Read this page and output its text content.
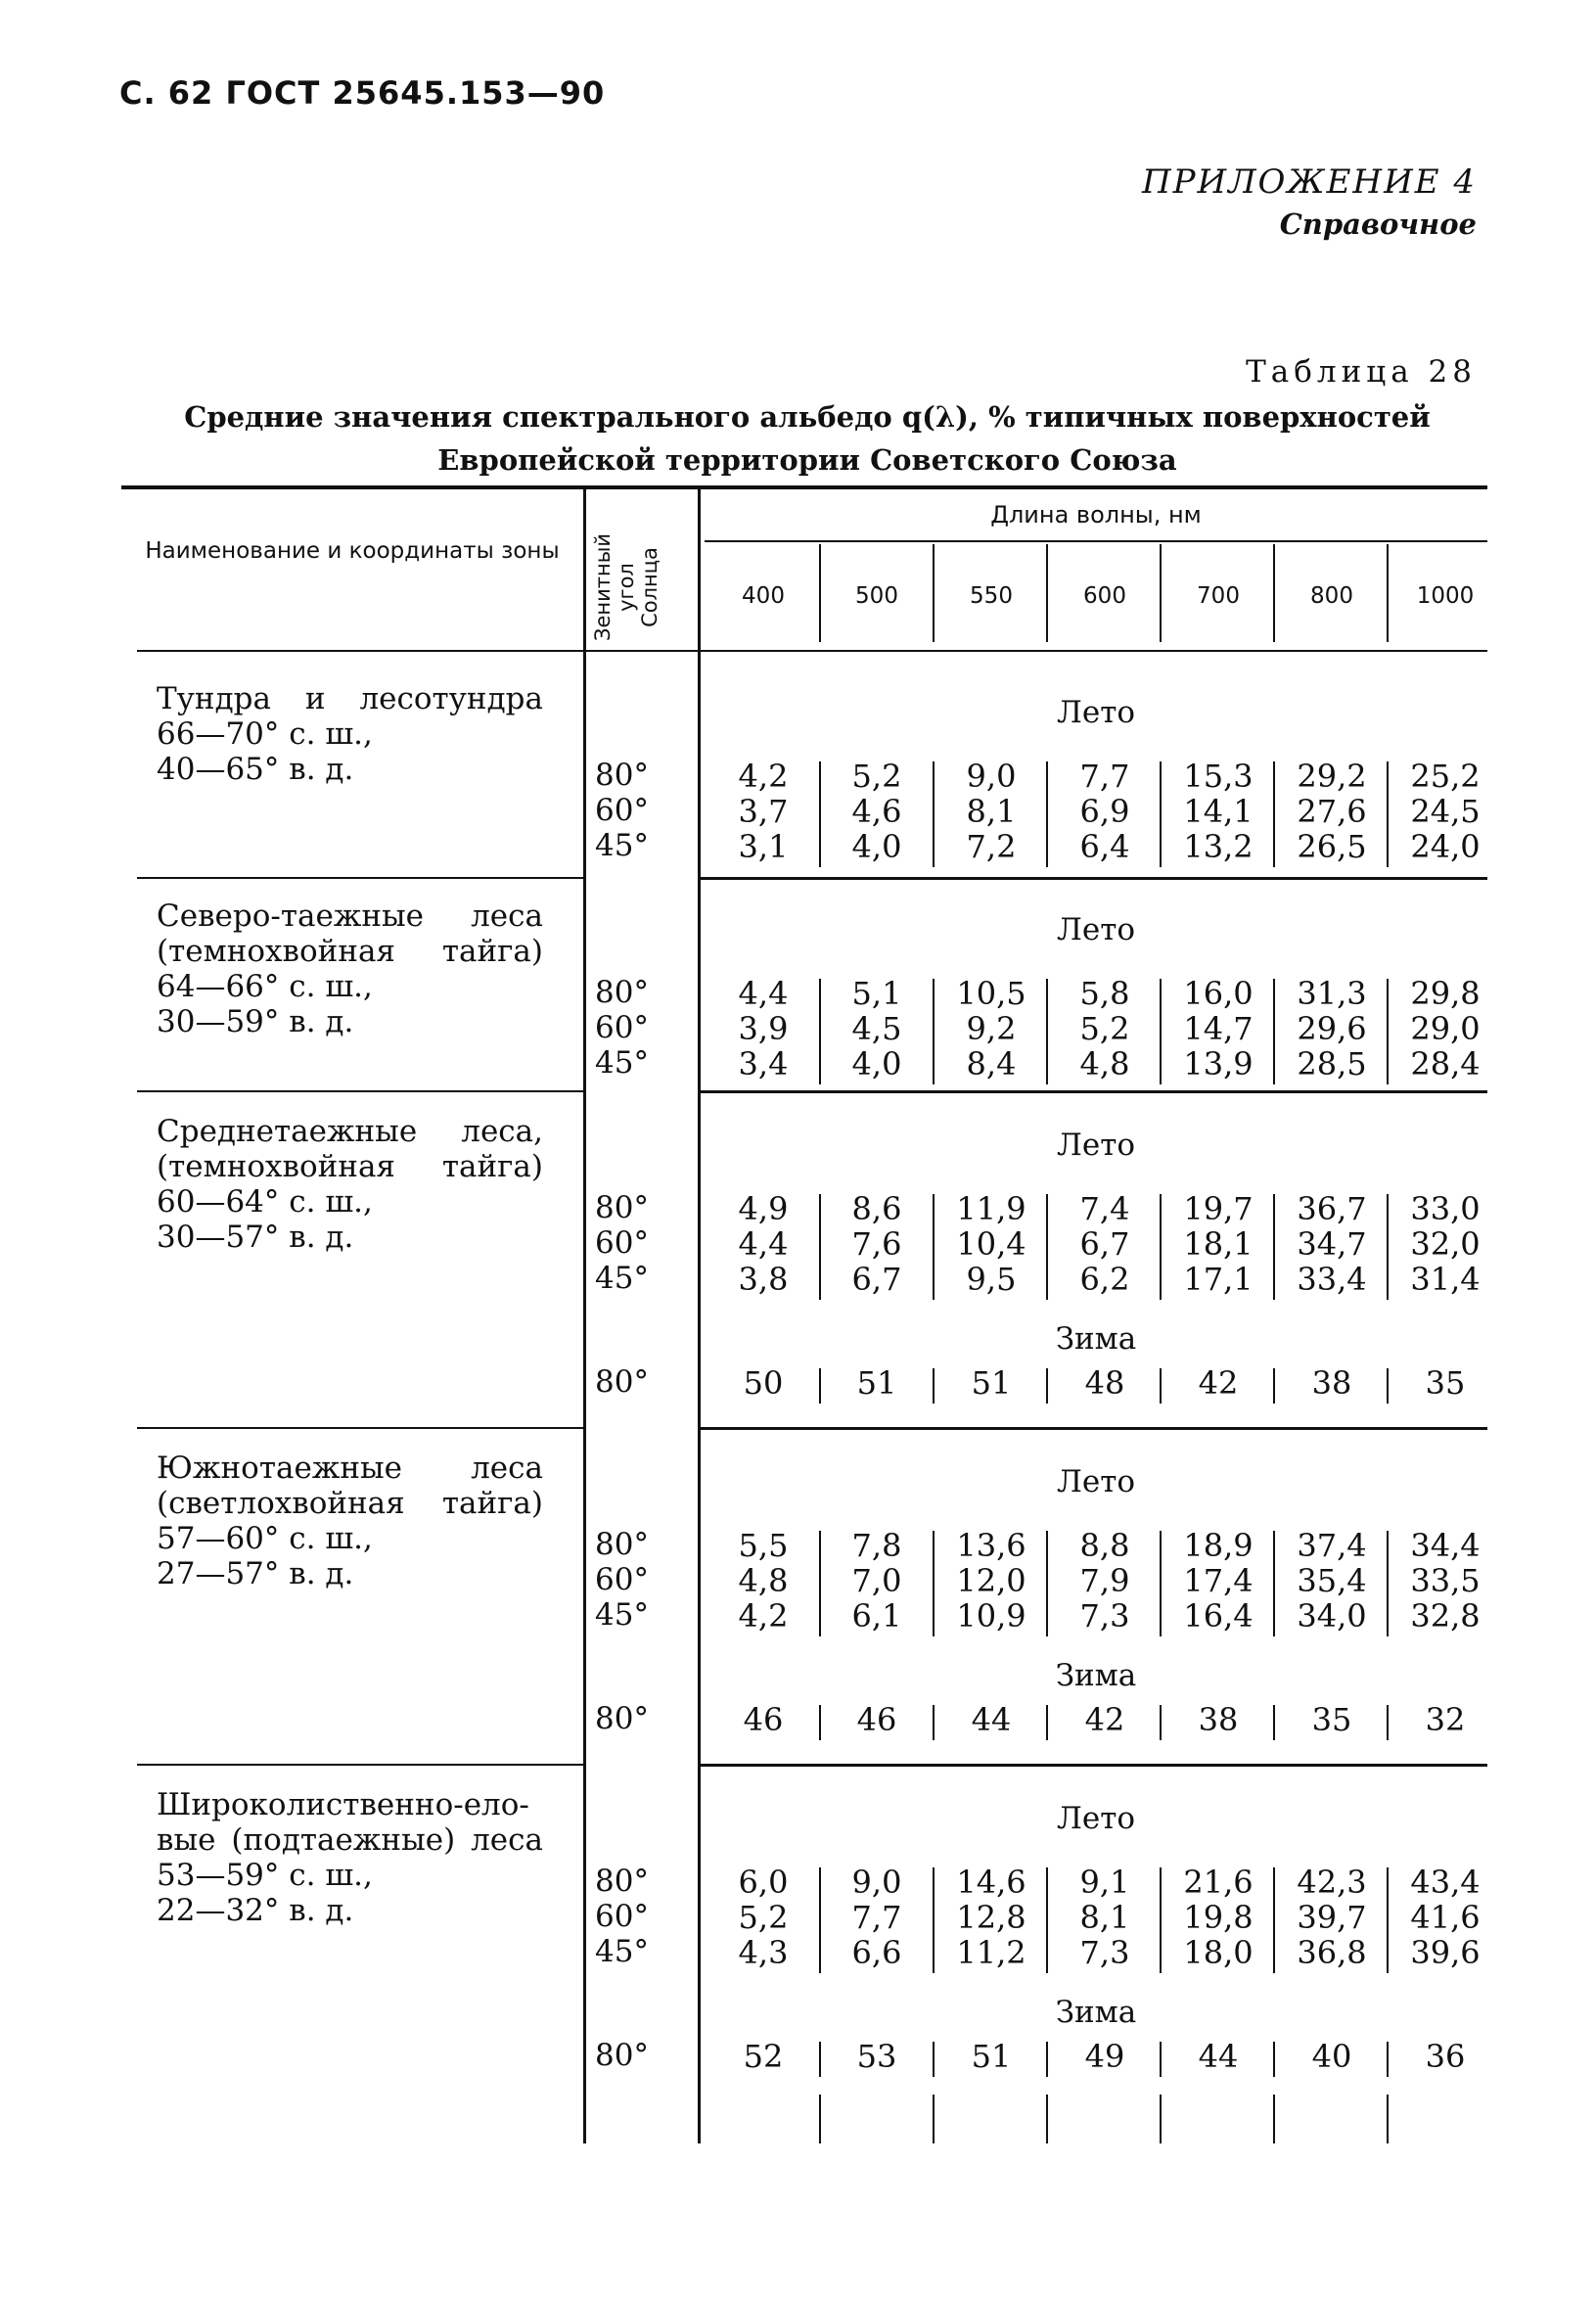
С. 62 ГОСТ 25645.153—90
ПРИЛОЖЕНИЕ 4
Справочное
Таблица 28
Средние значения спектрального альбедо q(λ), % типичных поверхностей
Европейской территории Советского Союза
Наименование и координаты зоны	Зенитный угол Солнца
Длина волны, нм
400	500	550	600	700	800	1000
Тундра и лесотундра
66—70° с. ш.,
40—65° в. д.
Лето
80°	4,2	5,2	9,0	7,7	15,3	29,2	25,2
60°	3,7	4,6	8,1	6,9	14,1	27,6	24,5
45°	3,1	4,0	7,2	6,4	13,2	26,5	24,0
Северо-таежные леса
(темнохвойная тайга)
64—66° с. ш.,
30—59° в. д.
Лето
80°	4,4	5,1	10,5	5,8	16,0	31,3	29,8
60°	3,9	4,5	9,2	5,2	14,7	29,6	29,0
45°	3,4	4,0	8,4	4,8	13,9	28,5	28,4
Среднетаежные леса,
(темнохвойная тайга)
60—64° с. ш.,
30—57° в. д.
Лето
80°	4,9	8,6	11,9	7,4	19,7	36,7	33,0
60°	4,4	7,6	10,4	6,7	18,1	34,7	32,0
45°	3,8	6,7	9,5	6,2	17,1	33,4	31,4
Зима
80°	50	51	51	48	42	38	35
Южнотаежные леса
(светлохвойная тайга)
57—60° с. ш.,
27—57° в. д.
Лето
80°	5,5	7,8	13,6	8,8	18,9	37,4	34,4
60°	4,8	7,0	12,0	7,9	17,4	35,4	33,5
45°	4,2	6,1	10,9	7,3	16,4	34,0	32,8
Зима
80°	46	46	44	42	38	35	32
Широколиственно-ело-
вые (подтаежные) леса
53—59° с. ш.,
22—32° в. д.
Лето
80°	6,0	9,0	14,6	9,1	21,6	42,3	43,4
60°	5,2	7,7	12,8	8,1	19,8	39,7	41,6
45°	4,3	6,6	11,2	7,3	18,0	36,8	39,6
Зима
80°	52	53	51	49	44	40	36
